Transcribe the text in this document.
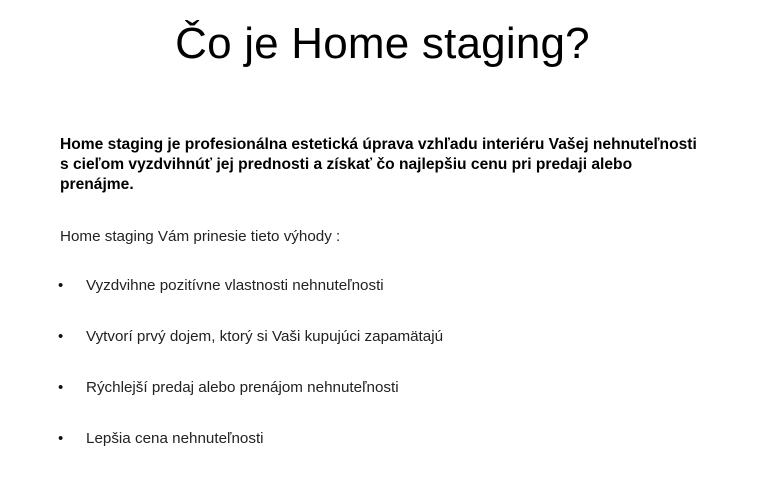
Čo je Home staging?

Home staging je profesionálna estetická úprava vzhľadu interiéru Vašej nehnuteľnosti s cieľom vyzdvihnúť jej prednosti a získať čo najlepšiu cenu pri predaji alebo prenájme.

Home staging Vám prinesie tieto výhody :

•	Vyzdvihne pozitívne vlastnosti nehnuteľnosti
•	Vytvorí prvý dojem, ktorý si Vaši kupujúci zapamätajú
•	Rýchlejší predaj alebo prenájom nehnuteľnosti
•	Lepšia cena nehnuteľnosti
